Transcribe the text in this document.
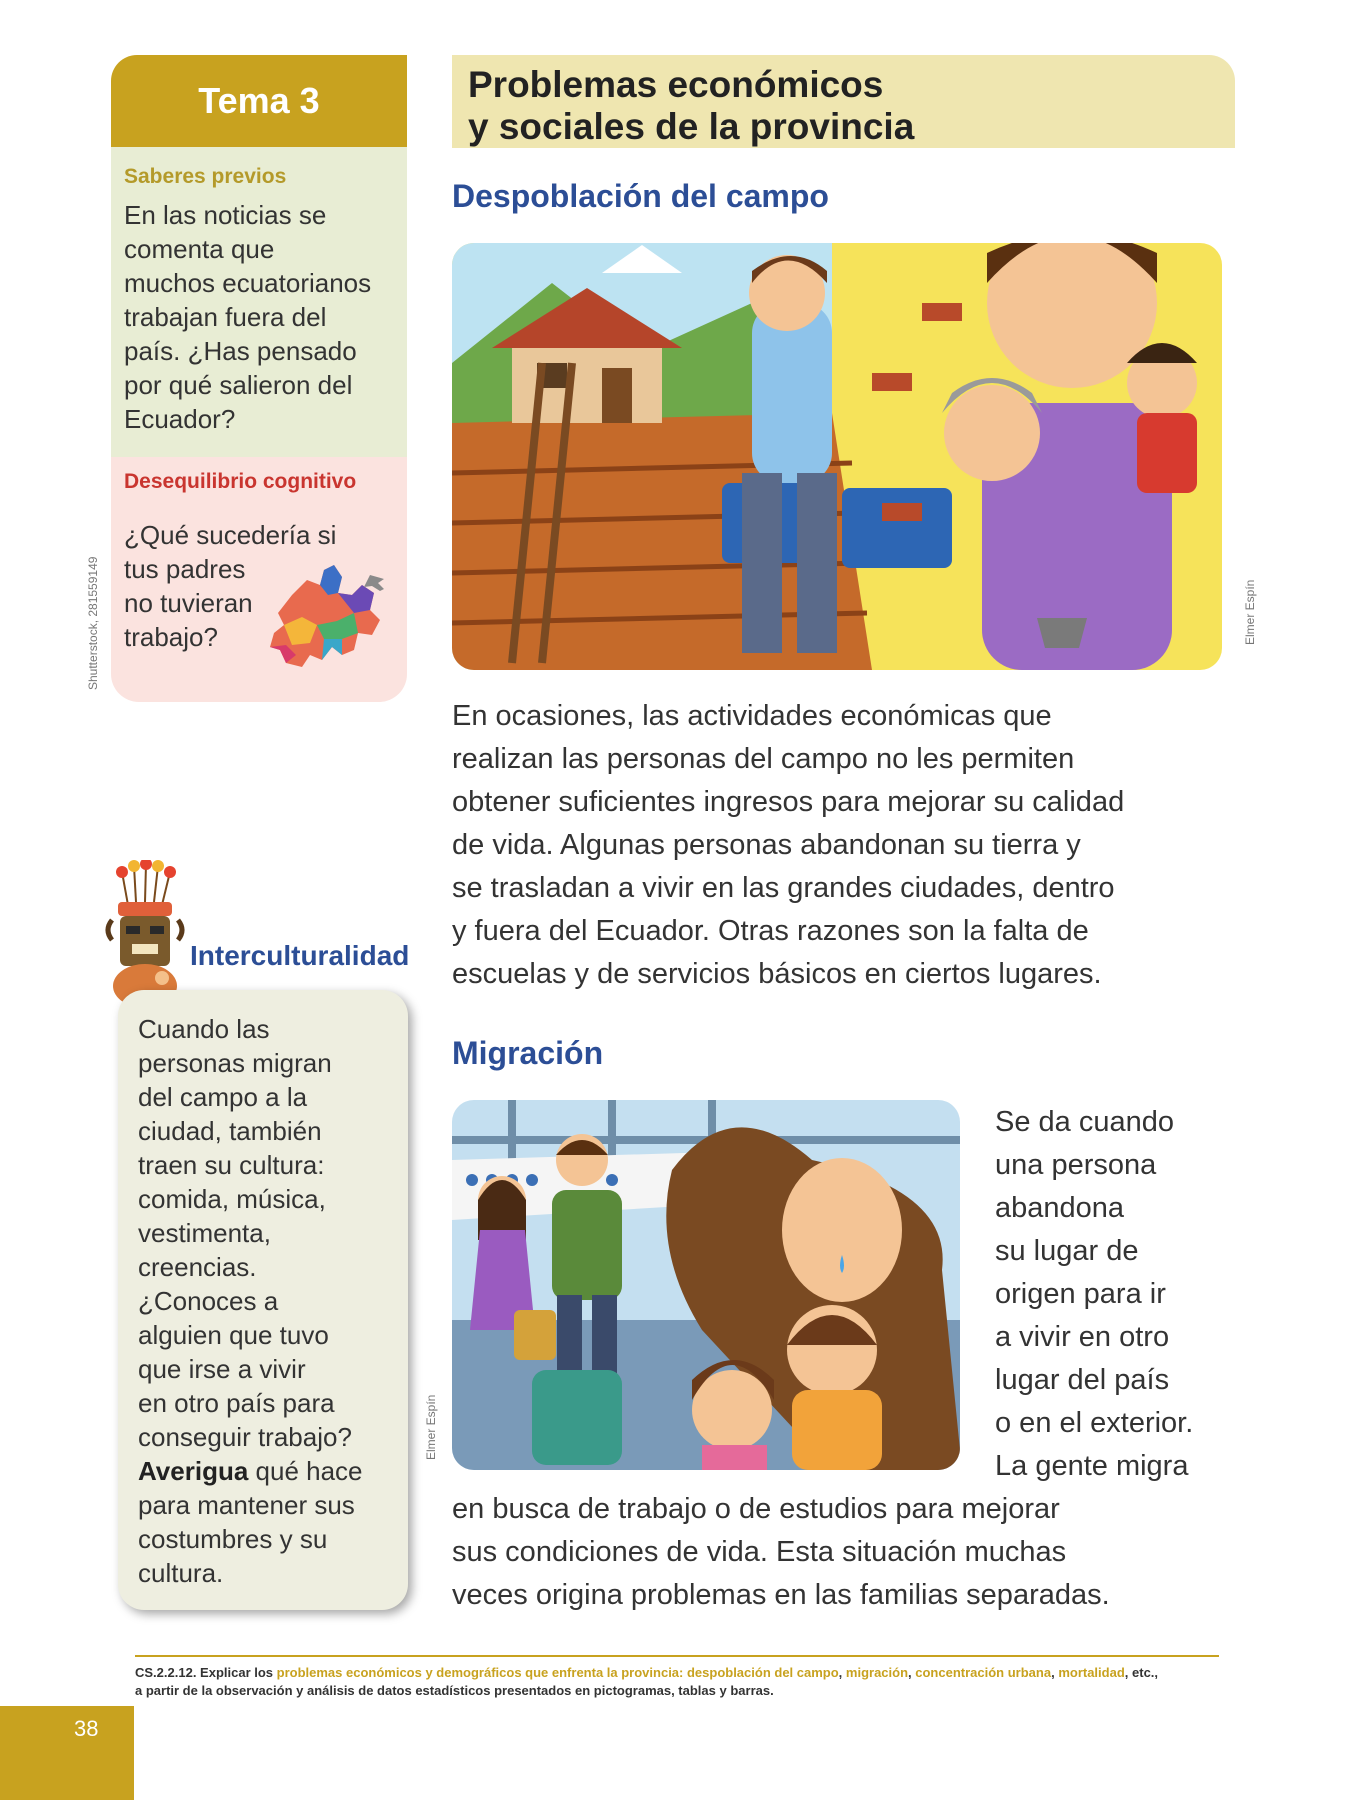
Tema 3
Saberes previos
En las noticias se
comenta que
muchos ecuatorianos
trabajan fuera del
país. ¿Has pensado
por qué salieron del
Ecuador?
Desequilibrio cognitivo
¿Qué sucedería si
tus padres
no tuvieran
trabajo?
Shutterstock, 281559149
Interculturalidad
Cuando las
personas migran
del campo a la
ciudad, también
traen su cultura:
comida, música,
vestimenta,
creencias.
¿Conoces a
alguien que tuvo
que irse a vivir
en otro país para
conseguir trabajo?
Averigua qué hace
para mantener sus
costumbres y su
cultura.
Problemas económicos
y sociales de la provincia
Despoblación del campo
Elmer Espín
En ocasiones, las actividades económicas que
realizan las personas del campo no les permiten
obtener suficientes ingresos para mejorar su calidad
de vida. Algunas personas abandonan su tierra y
se trasladan a vivir en las grandes ciudades, dentro
y fuera del Ecuador. Otras razones son la falta de
escuelas y de servicios básicos en ciertos lugares.
Migración
Elmer Espín
Se da cuando
una persona
abandona
su lugar de
origen para ir
a vivir en otro
lugar del país
o en el exterior.
La gente migra
en busca de trabajo o de estudios para mejorar
sus condiciones de vida. Esta situación muchas
veces origina problemas en las familias separadas.
CS.2.2.12. Explicar los problemas económicos y demográficos que enfrenta la provincia: despoblación del campo, migración, concentración urbana, mortalidad, etc.,
a partir de la observación y análisis de datos estadísticos presentados en pictogramas, tablas y barras.
38
